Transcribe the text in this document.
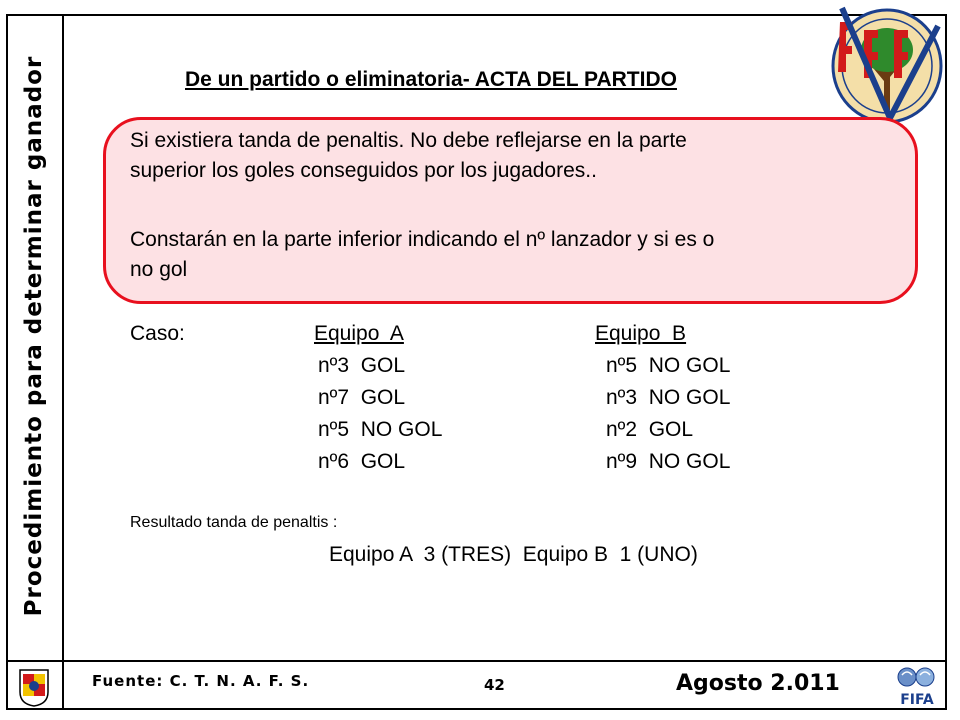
Procedimiento para determinar ganador	De un partido o eliminatoria- ACTA DEL PARTIDO
Si existiera tanda de penaltis. No debe reflejarse en la parte
superior los goles conseguidos por los jugadores..
Constarán en la parte inferior indicando el nº lanzador y si es o
no gol
Caso:	Equipo  A	Equipo  B
nº3  GOL	nº5  NO GOL
nº7  GOL	nº3  NO GOL
nº5  NO GOL	nº2  GOL
nº6  GOL	nº9  NO GOL
Resultado tanda de penaltis :
Equipo A  3 (TRES)  Equipo B  1 (UNO)
Fuente: C. T. N. A. F. S.	42	Agosto 2.011
FIFA
